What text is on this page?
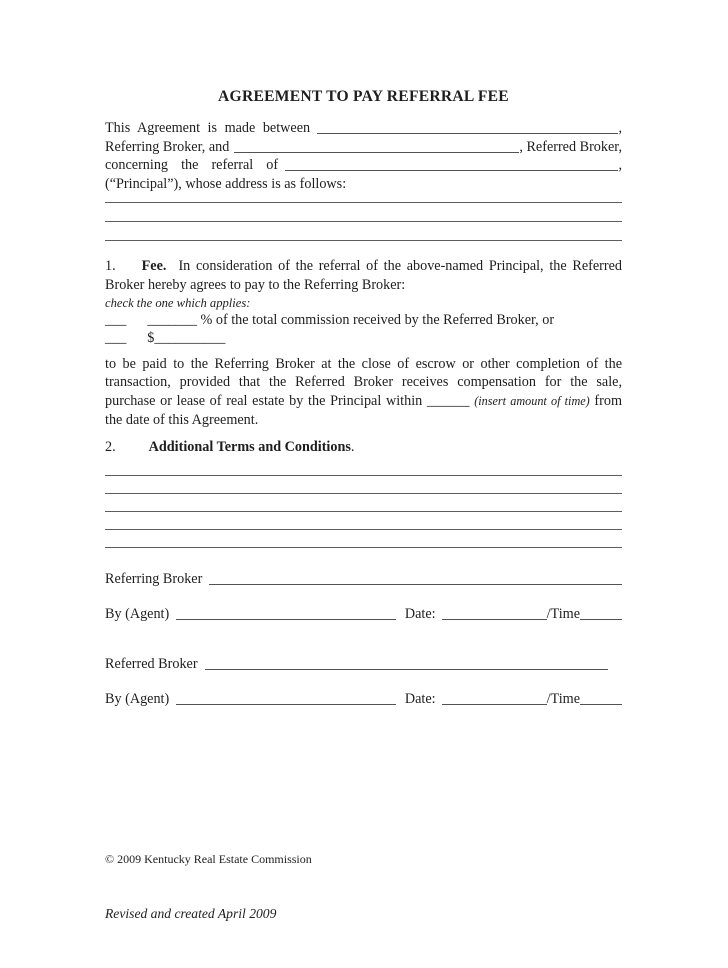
AGREEMENT TO PAY REFERRAL FEE
This Agreement is made between	,
Referring Broker, and	, Referred Broker,
concerning the referral of	,
(“Principal”), whose address is as follows:

1. Fee. In consideration of the referral of the above-named Principal, the Referred Broker hereby agrees to pay to the Referring Broker:

check the one which applies:

___ _______ % of the total commission received by the Referred Broker, or
___ $__________

to be paid to the Referring Broker at the close of escrow or other completion of the transaction, provided that the Referred Broker receives compensation for the sale, purchase or lease of real estate by the Principal within ______ (insert amount of time) from the date of this Agreement.

2. Additional Terms and Conditions.
Referring Broker
By (Agent)	Date:	/Time
Referred Broker
By (Agent)	Date:	/Time
© 2009 Kentucky Real Estate Commission
Revised and created April 2009
